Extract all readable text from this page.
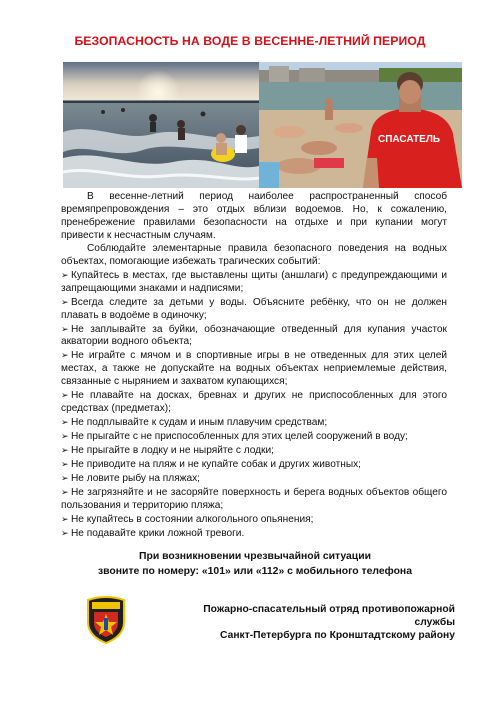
БЕЗОПАСНОСТЬ НА ВОДЕ В ВЕСЕННЕ-ЛЕТНИЙ ПЕРИОД
СПАСАТЕЛЬ

В весенне-летний период наиболее распространенный способ времяпрепровождения – это отдых вблизи водоемов. Но, к сожалению, пренебрежение правилами безопасности на отдыхе и при купании могут привести к несчастным случаям.

Соблюдайте элементарные правила безопасного поведения на водных объектах, помогающие избежать трагических событий:

➢ Купайтесь в местах, где выставлены щиты (аншлаги) с предупреждающими и запрещающими знаками и надписями;
➢ Всегда следите за детьми у воды. Объясните ребёнку, что он не должен плавать в водоёме в одиночку;
➢ Не заплывайте за буйки, обозначающие отведенный для купания участок акватории водного объекта;
➢ Не играйте с мячом и в спортивные игры в не отведенных для этих целей местах, а также не допускайте на водных объектах неприемлемые действия, связанные с нырянием и захватом купающихся;
➢ Не плавайте на досках, бревнах и других не приспособленных для этого средствах (предметах);
➢ Не подплывайте к судам и иным плавучим средствам;
➢ Не прыгайте с не приспособленных для этих целей сооружений в воду;
➢ Не прыгайте в лодку и не ныряйте с лодки;
➢ Не приводите на пляж и не купайте собак и других животных;
➢ Не ловите рыбу на пляжах;
➢ Не загрязняйте и не засоряйте поверхность и берега водных объектов общего пользования и территорию пляжа;
➢ Не купайтесь в состоянии алкогольного опьянения;
➢ Не подавайте крики ложной тревоги.
При возникновении чрезвычайной ситуации
звоните по номеру: «101» или «112» с мобильного телефона
Пожарно-спасательный отряд противопожарной
службы
Санкт-Петербурга по Кронштадтскому району
